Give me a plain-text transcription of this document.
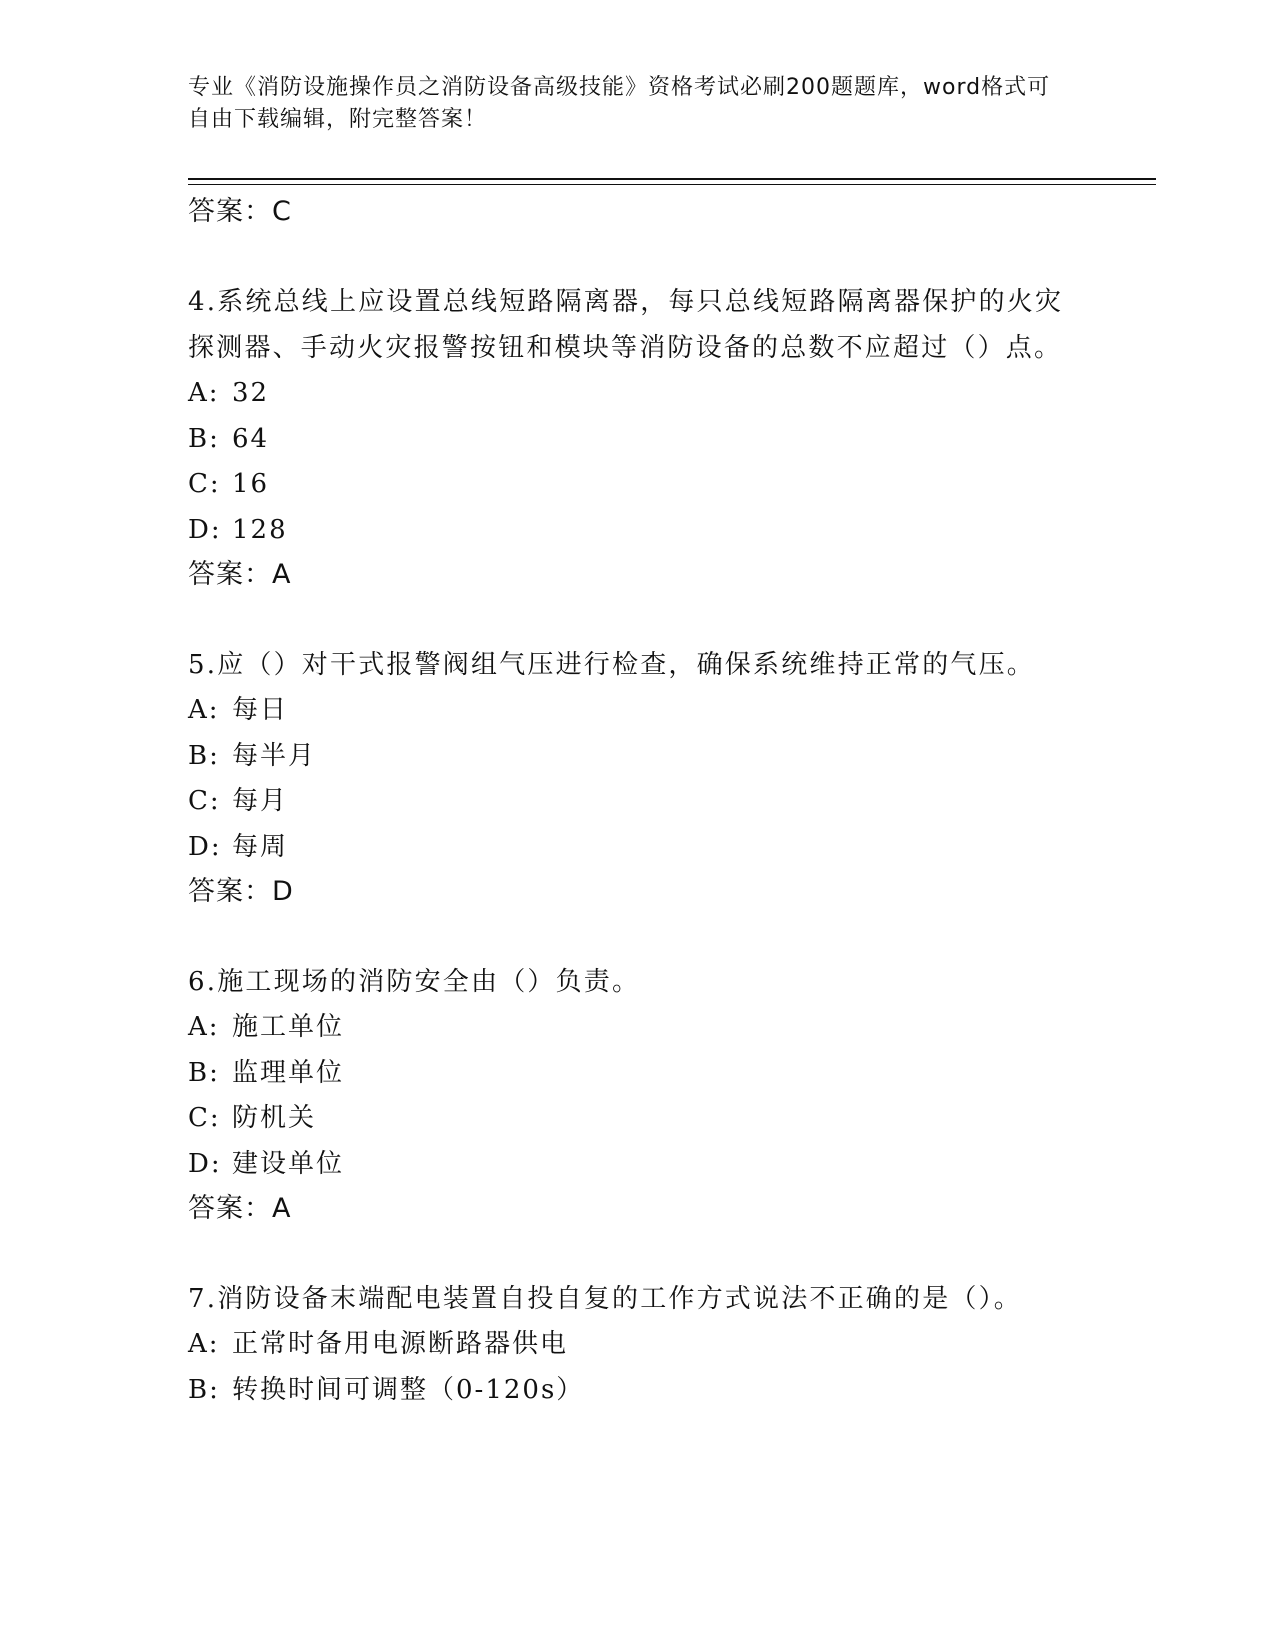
专业《消防设施操作员之消防设备高级技能》资格考试必刷200题题库，word格式可自由下载编辑，附完整答案！
答案：C
4.系统总线上应设置总线短路隔离器，每只总线短路隔离器保护的火灾探测器、手动火灾报警按钮和模块等消防设备的总数不应超过（）点。
A: 32
B: 64
C: 16
D: 128
答案：A
5.应（）对干式报警阀组气压进行检查，确保系统维持正常的气压。
A: 每日
B: 每半月
C: 每月
D: 每周
答案：D
6.施工现场的消防安全由（）负责。
A: 施工单位
B: 监理单位
C: 防机关
D: 建设单位
答案：A
7.消防设备末端配电装置自投自复的工作方式说法不正确的是（）。
A: 正常时备用电源断路器供电
B: 转换时间可调整（0-120s）
